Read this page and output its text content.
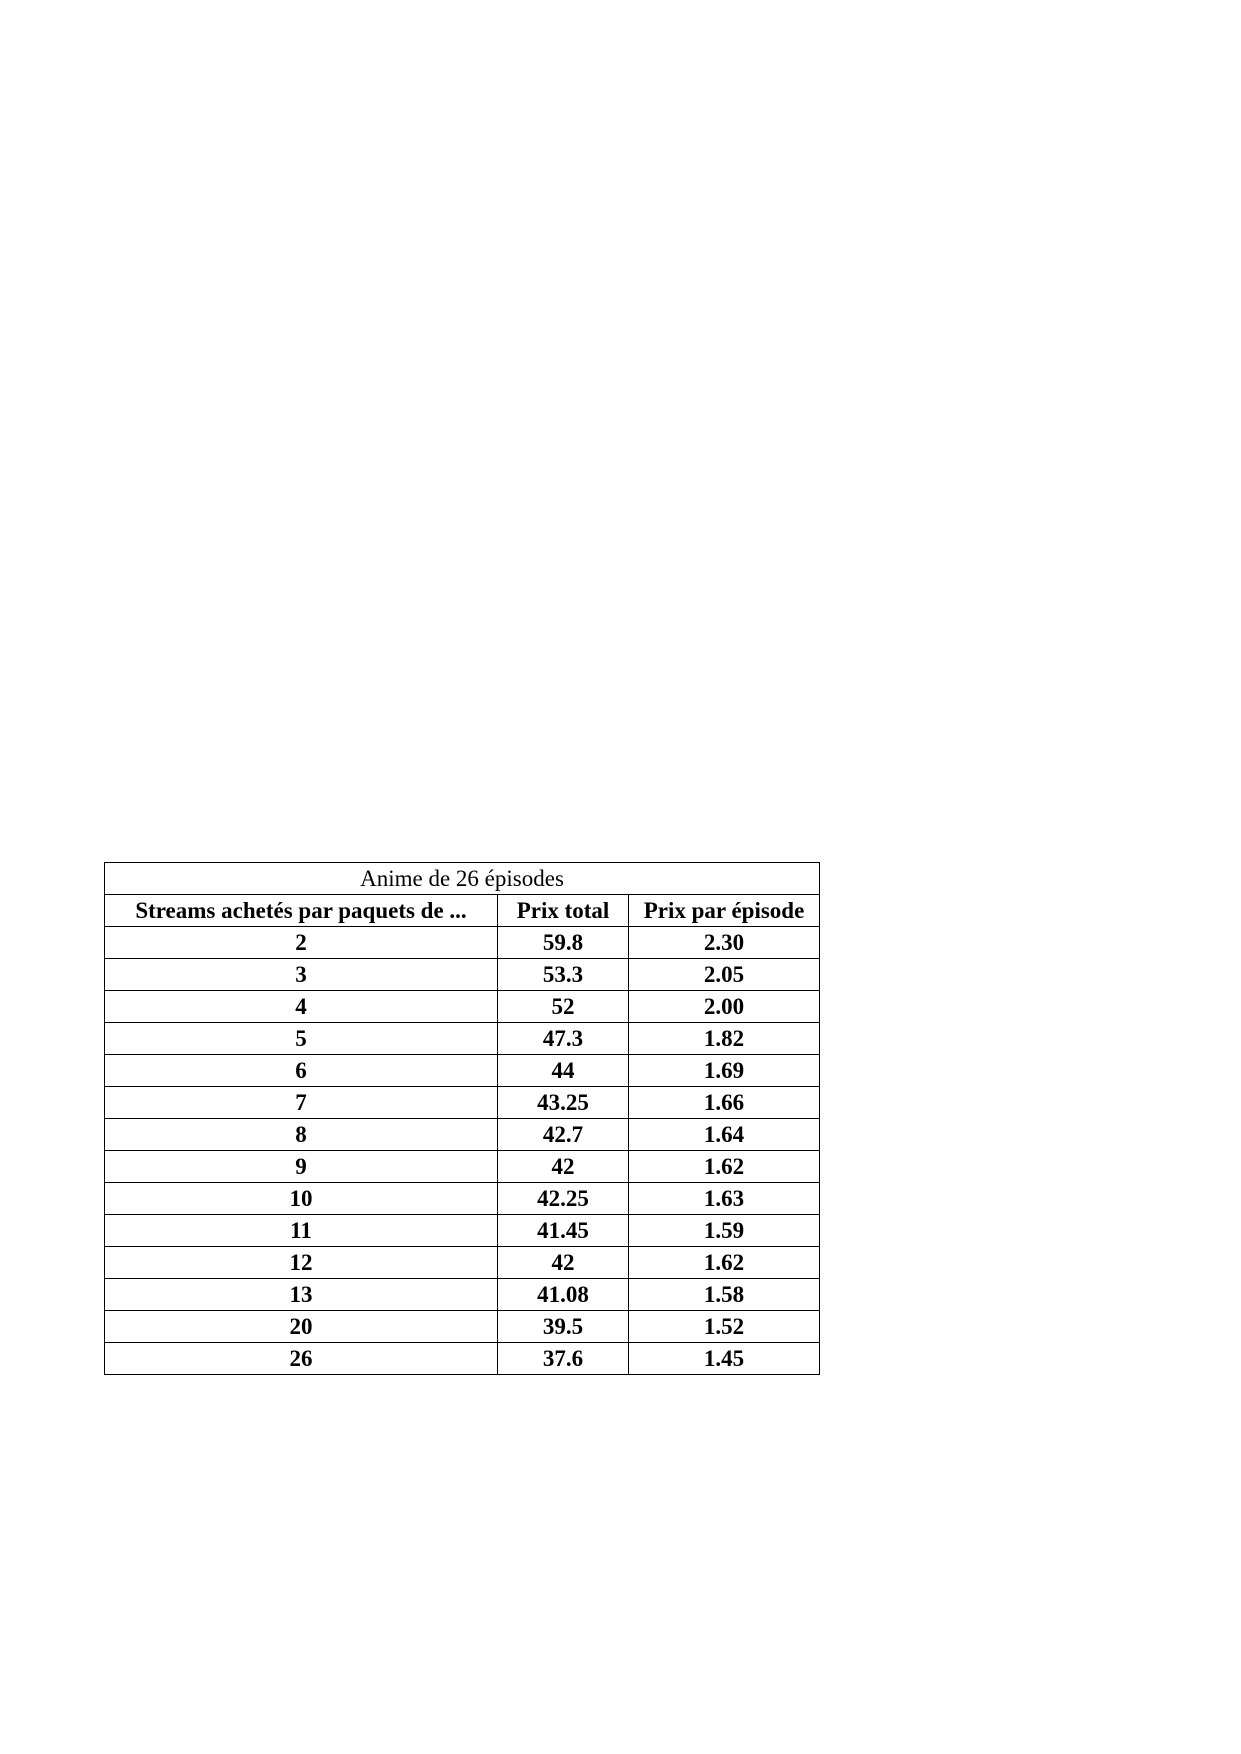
Anime de 26 épisodes		
Streams achetés par paquets de ...	Prix total	Prix par épisode
2	59.8	2.30
3	53.3	2.05
4	52	2.00
5	47.3	1.82
6	44	1.69
7	43.25	1.66
8	42.7	1.64
9	42	1.62
10	42.25	1.63
11	41.45	1.59
12	42	1.62
13	41.08	1.58
20	39.5	1.52
26	37.6	1.45
